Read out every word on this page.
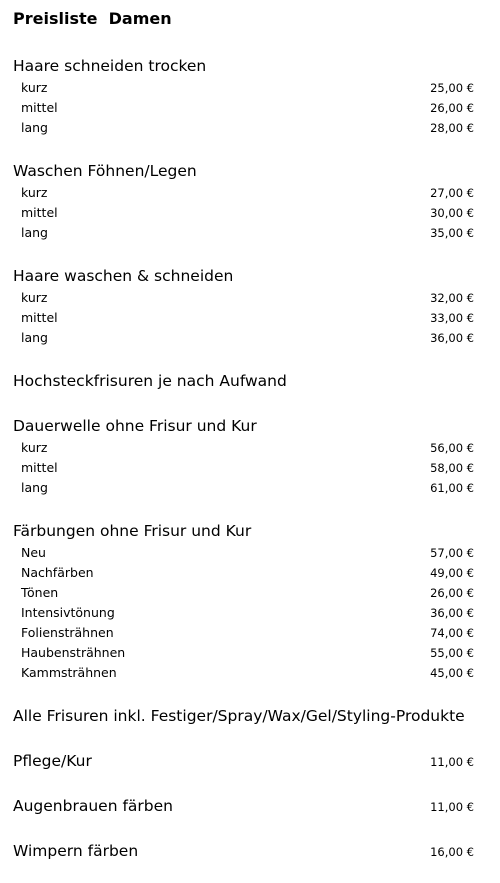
Preisliste  Damen
Haare schneiden trocken
kurz	25,00 €
mittel	26,00 €
lang	28,00 €
Waschen Föhnen/Legen
kurz	27,00 €
mittel	30,00 €
lang	35,00 €
Haare waschen & schneiden
kurz	32,00 €
mittel	33,00 €
lang	36,00 €
Hochsteckfrisuren je nach Aufwand
Dauerwelle ohne Frisur und Kur
kurz	56,00 €
mittel	58,00 €
lang	61,00 €
Färbungen ohne Frisur und Kur
Neu	57,00 €
Nachfärben	49,00 €
Tönen	26,00 €
Intensivtönung	36,00 €
Foliensträhnen	74,00 €
Haubensträhnen	55,00 €
Kammsträhnen	45,00 €
Alle Frisuren inkl. Festiger/Spray/Wax/Gel/Styling-Produkte
Pflege/Kur	11,00 €
Augenbrauen färben	11,00 €
Wimpern färben	16,00 €
